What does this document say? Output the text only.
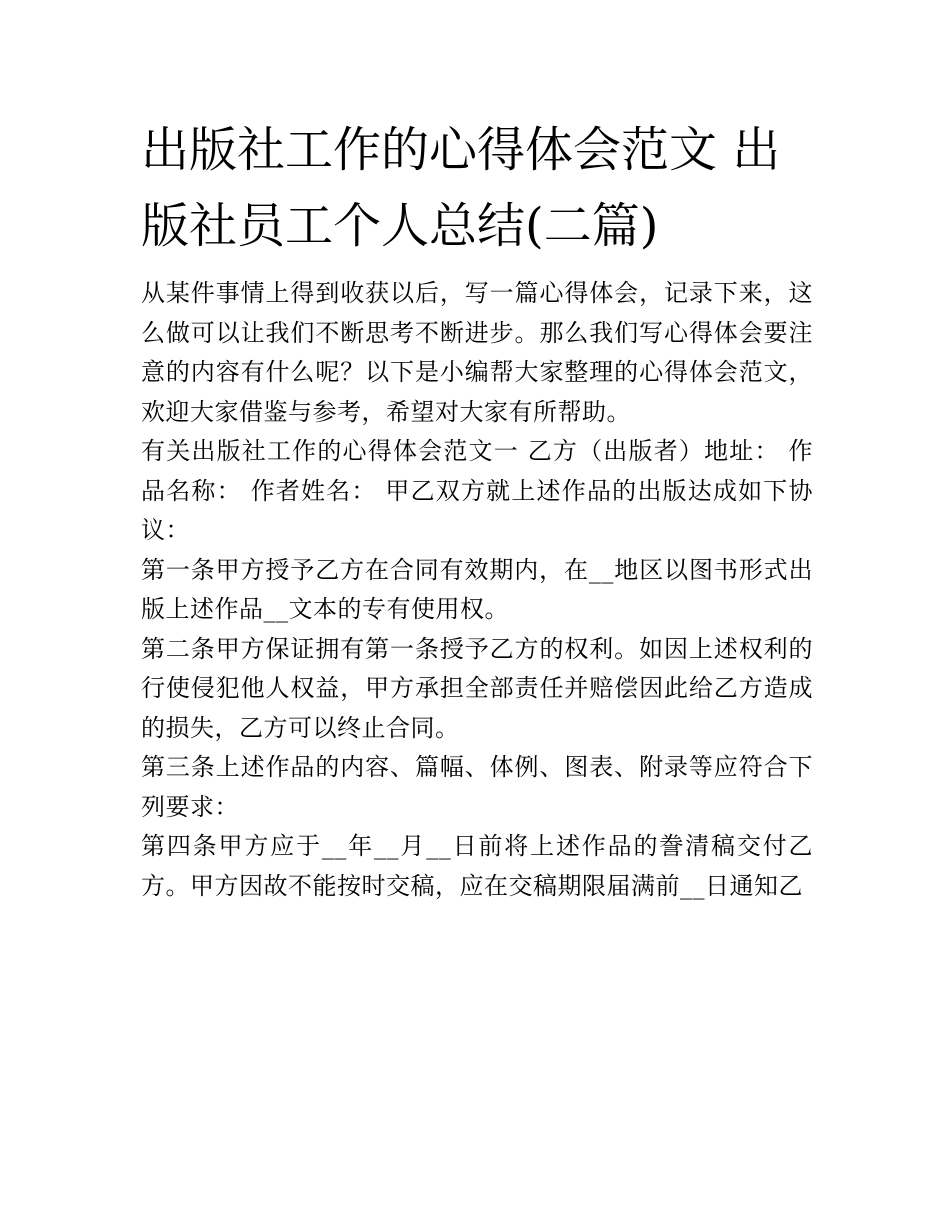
出版社工作的心得体会范文 出版社员工个人总结(二篇)

从某件事情上得到收获以后，写一篇心得体会，记录下来，这么做可以让我们不断思考不断进步。那么我们写心得体会要注意的内容有什么呢？以下是小编帮大家整理的心得体会范文，欢迎大家借鉴与参考，希望对大家有所帮助。

有关出版社工作的心得体会范文一 乙方（出版者）地址： 作品名称： 作者姓名： 甲乙双方就上述作品的出版达成如下协议：

第一条甲方授予乙方在合同有效期内，在__地区以图书形式出版上述作品__文本的专有使用权。

第二条甲方保证拥有第一条授予乙方的权利。如因上述权利的行使侵犯他人权益，甲方承担全部责任并赔偿因此给乙方造成的损失，乙方可以终止合同。

第三条上述作品的内容、篇幅、体例、图表、附录等应符合下列要求：

第四条甲方应于__年__月__日前将上述作品的誊清稿交付乙方。甲方因故不能按时交稿，应在交稿期限届满前__日通知乙
